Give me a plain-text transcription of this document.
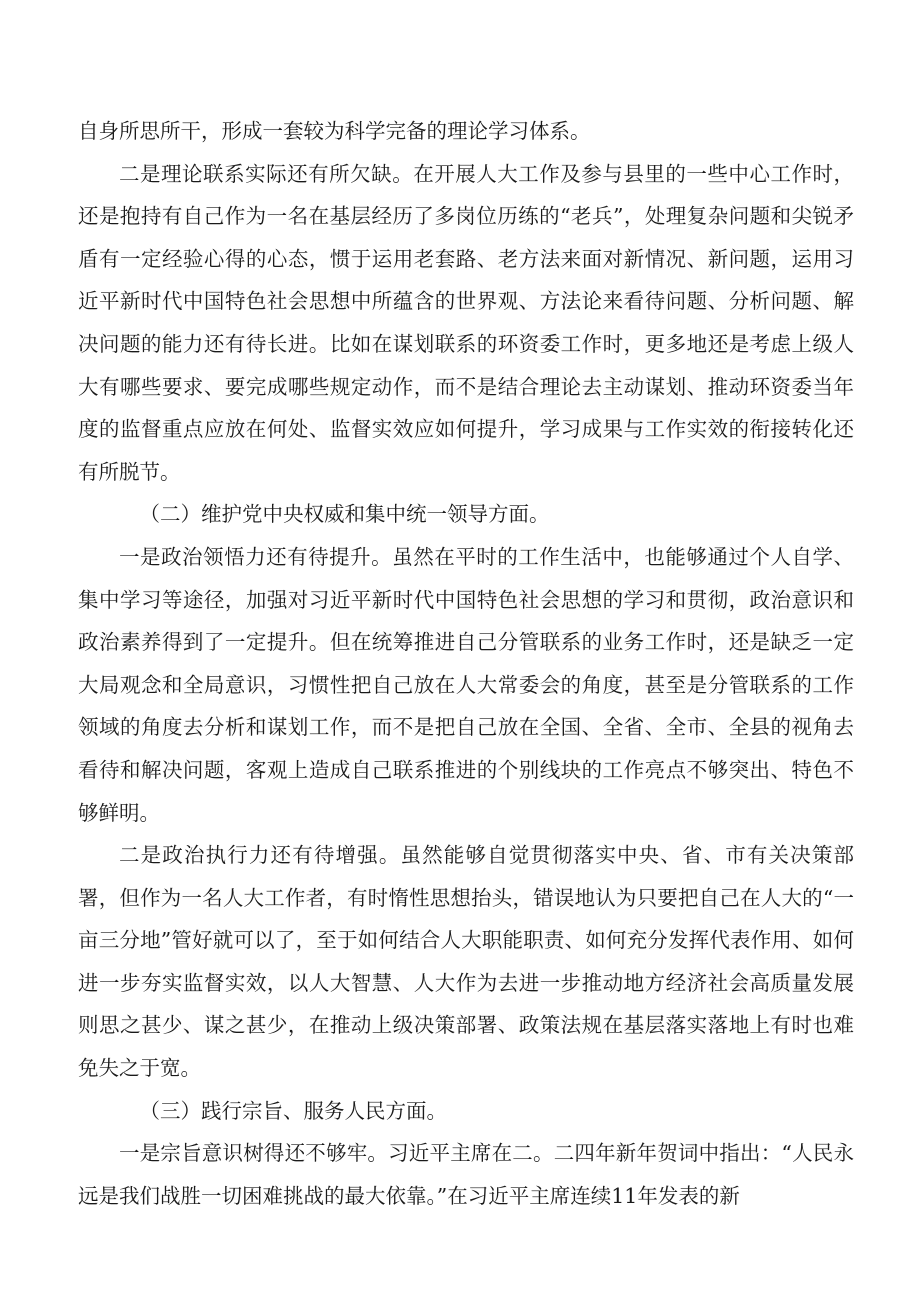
自身所思所干，形成一套较为科学完备的理论学习体系。

二是理论联系实际还有所欠缺。在开展人大工作及参与县里的一些中心工作时，还是抱持有自己作为一名在基层经历了多岗位历练的“老兵”，处理复杂问题和尖锐矛盾有一定经验心得的心态，惯于运用老套路、老方法来面对新情况、新问题，运用习近平新时代中国特色社会思想中所蕴含的世界观、方法论来看待问题、分析问题、解决问题的能力还有待长进。比如在谋划联系的环资委工作时，更多地还是考虑上级人大有哪些要求、要完成哪些规定动作，而不是结合理论去主动谋划、推动环资委当年度的监督重点应放在何处、监督实效应如何提升，学习成果与工作实效的衔接转化还有所脱节。

（二）维护党中央权威和集中统一领导方面。

一是政治领悟力还有待提升。虽然在平时的工作生活中，也能够通过个人自学、集中学习等途径，加强对习近平新时代中国特色社会思想的学习和贯彻，政治意识和政治素养得到了一定提升。但在统筹推进自己分管联系的业务工作时，还是缺乏一定大局观念和全局意识，习惯性把自己放在人大常委会的角度，甚至是分管联系的工作领域的角度去分析和谋划工作，而不是把自己放在全国、全省、全市、全县的视角去看待和解决问题，客观上造成自己联系推进的个别线块的工作亮点不够突出、特色不够鲜明。

二是政治执行力还有待增强。虽然能够自觉贯彻落实中央、省、市有关决策部署，但作为一名人大工作者，有时惰性思想抬头，错误地认为只要把自己在人大的“一亩三分地”管好就可以了，至于如何结合人大职能职责、如何充分发挥代表作用、如何进一步夯实监督实效，以人大智慧、人大作为去进一步推动地方经济社会高质量发展则思之甚少、谋之甚少，在推动上级决策部署、政策法规在基层落实落地上有时也难免失之于宽。

（三）践行宗旨、服务人民方面。

一是宗旨意识树得还不够牢。习近平主席在二。二四年新年贺词中指出：“人民永远是我们战胜一切困难挑战的最大依靠。”在习近平主席连续11年发表的新
